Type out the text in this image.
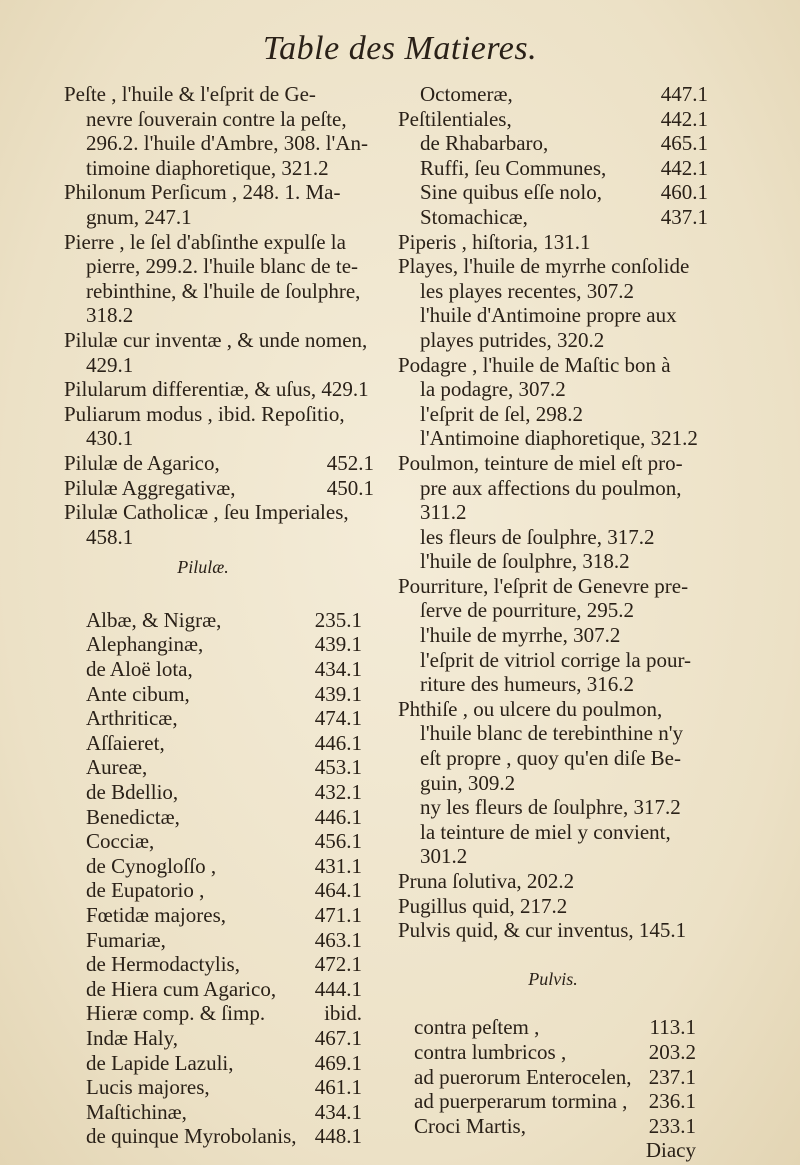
Table des Matieres.
Peſte , l'huile & l'eſprit de Ge-
nevre ſouverain contre la peſte,
296.2. l'huile d'Ambre, 308. l'An-
timoine diaphoretique, 321.2
Philonum Perſicum , 248. 1. Ma-
gnum, 247.1
Pierre , le ſel d'abſinthe expulſe la
pierre, 299.2. l'huile blanc de te-
rebinthine, & l'huile de ſoulphre,
318.2
Pilulæ cur inventæ , & unde nomen,
429.1
Pilularum differentiæ, & uſus, 429.1
Puliarum modus , ibid. Repoſitio,
430.1
Pilulæ de Agarico,	452.1
Pilulæ Aggregativæ,	450.1
Pilulæ Catholicæ , ſeu Imperiales,
458.1
Pilulæ.
Albæ, & Nigræ,	235.1
Alephanginæ,	439.1
de Aloë lota,	434.1
Ante cibum,	439.1
Arthriticæ,	474.1
Aſſaieret,	446.1
Aureæ,	453.1
de Bdellio,	432.1
Benedictæ,	446.1
Cocciæ,	456.1
de Cynogloſſo ,	431.1
de Eupatorio ,	464.1
Fœtidæ majores,	471.1
Fumariæ,	463.1
de Hermodactylis,	472.1
de Hiera cum Agarico, 444.1
Hieræ comp. & ſimp.	ibid.
Indæ Haly,	467.1
de Lapide Lazuli,	469.1
Lucis majores,	461.1
Maſtichinæ,	434.1
de quinque Myrobolanis, 448.1
Octomeræ,	447.1
Peſtilentiales,	442.1
de Rhabarbaro,	465.1
Ruffi, ſeu Communes,	442.1
Sine quibus eſſe nolo,	460.1
Stomachicæ,	437.1
Piperis , hiſtoria, 131.1
Playes, l'huile de myrrhe conſolide
les playes recentes, 307.2
l'huile d'Antimoine propre aux
playes putrides, 320.2
Podagre , l'huile de Maſtic bon à
la podagre, 307.2
l'eſprit de ſel, 298.2
l'Antimoine diaphoretique, 321.2
Poulmon, teinture de miel eſt pro-
pre aux affections du poulmon,
311.2
les fleurs de ſoulphre, 317.2
l'huile de ſoulphre, 318.2
Pourriture, l'eſprit de Genevre pre-
ſerve de pourriture, 295.2
l'huile de myrrhe, 307.2
l'eſprit de vitriol corrige la pour-
riture des humeurs, 316.2
Phthiſe , ou ulcere du poulmon,
l'huile blanc de terebinthine n'y
eſt propre , quoy qu'en diſe Be-
guin, 309.2
ny les fleurs de ſoulphre, 317.2
la teinture de miel y convient,
301.2
Pruna ſolutiva, 202.2
Pugillus quid, 217.2
Pulvis quid, & cur inventus, 145.1
Pulvis.
contra peſtem ,	113.1
contra lumbricos ,	203.2
ad puerorum Enterocelen, 237.1
ad puerperarum tormina , 236.1
Croci Martis,	233.1
Diacy
